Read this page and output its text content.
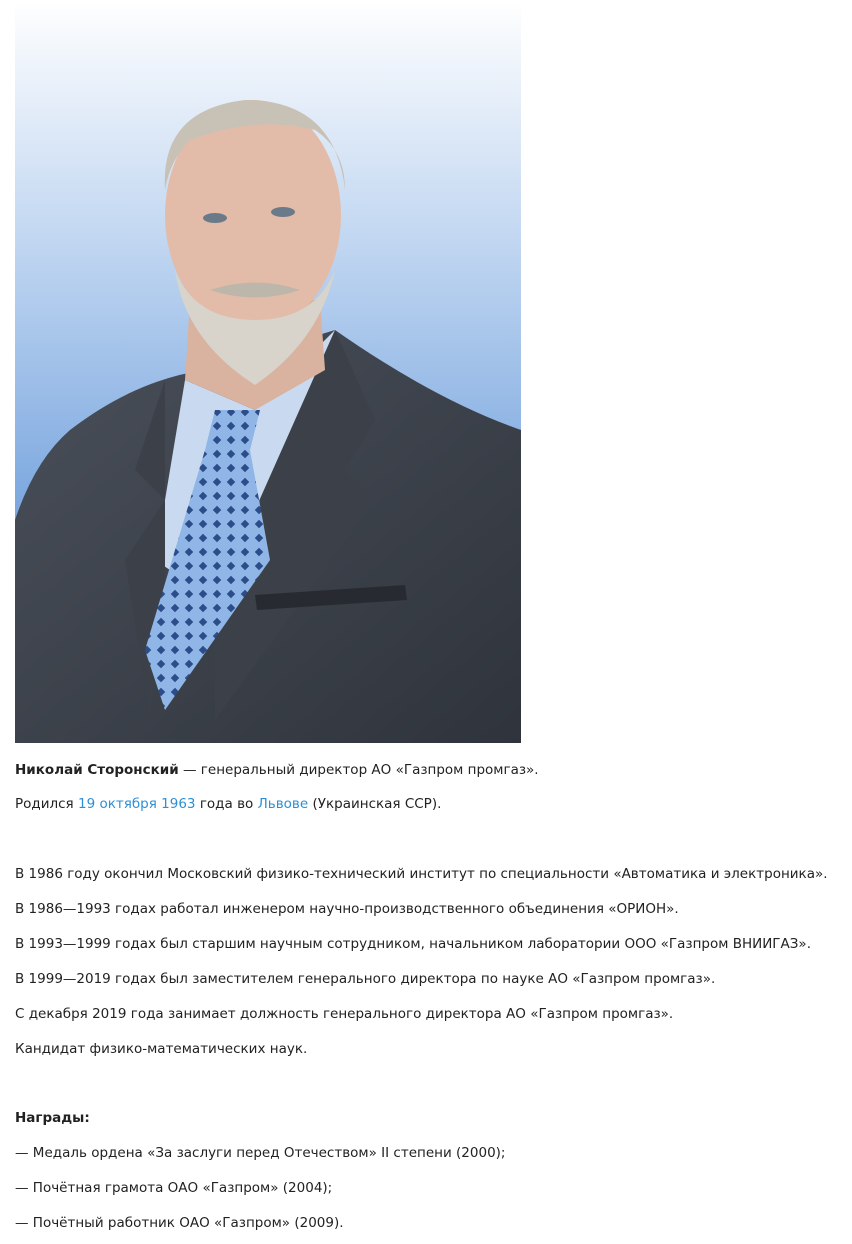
Николай Сторонский — генеральный директор АО «Газпром промгаз».
Родился 19 октября 1963 года во Львове (Украинская ССР).
В 1986 году окончил Московский физико-технический институт по специальности «Автоматика и электроника».
В 1986—1993 годах работал инженером научно-производственного объединения «ОРИОН».
В 1993—1999 годах был старшим научным сотрудником, начальником лаборатории ООО «Газпром ВНИИГАЗ».
В 1999—2019 годах был заместителем генерального директора по науке АО «Газпром промгаз».
С декабря 2019 года занимает должность генерального директора АО «Газпром промгаз».
Кандидат физико-математических наук.
Награды:
— Медаль ордена «За заслуги перед Отечеством» II степени (2000);
— Почётная грамота ОАО «Газпром» (2004);
— Почётный работник ОАО «Газпром» (2009).
